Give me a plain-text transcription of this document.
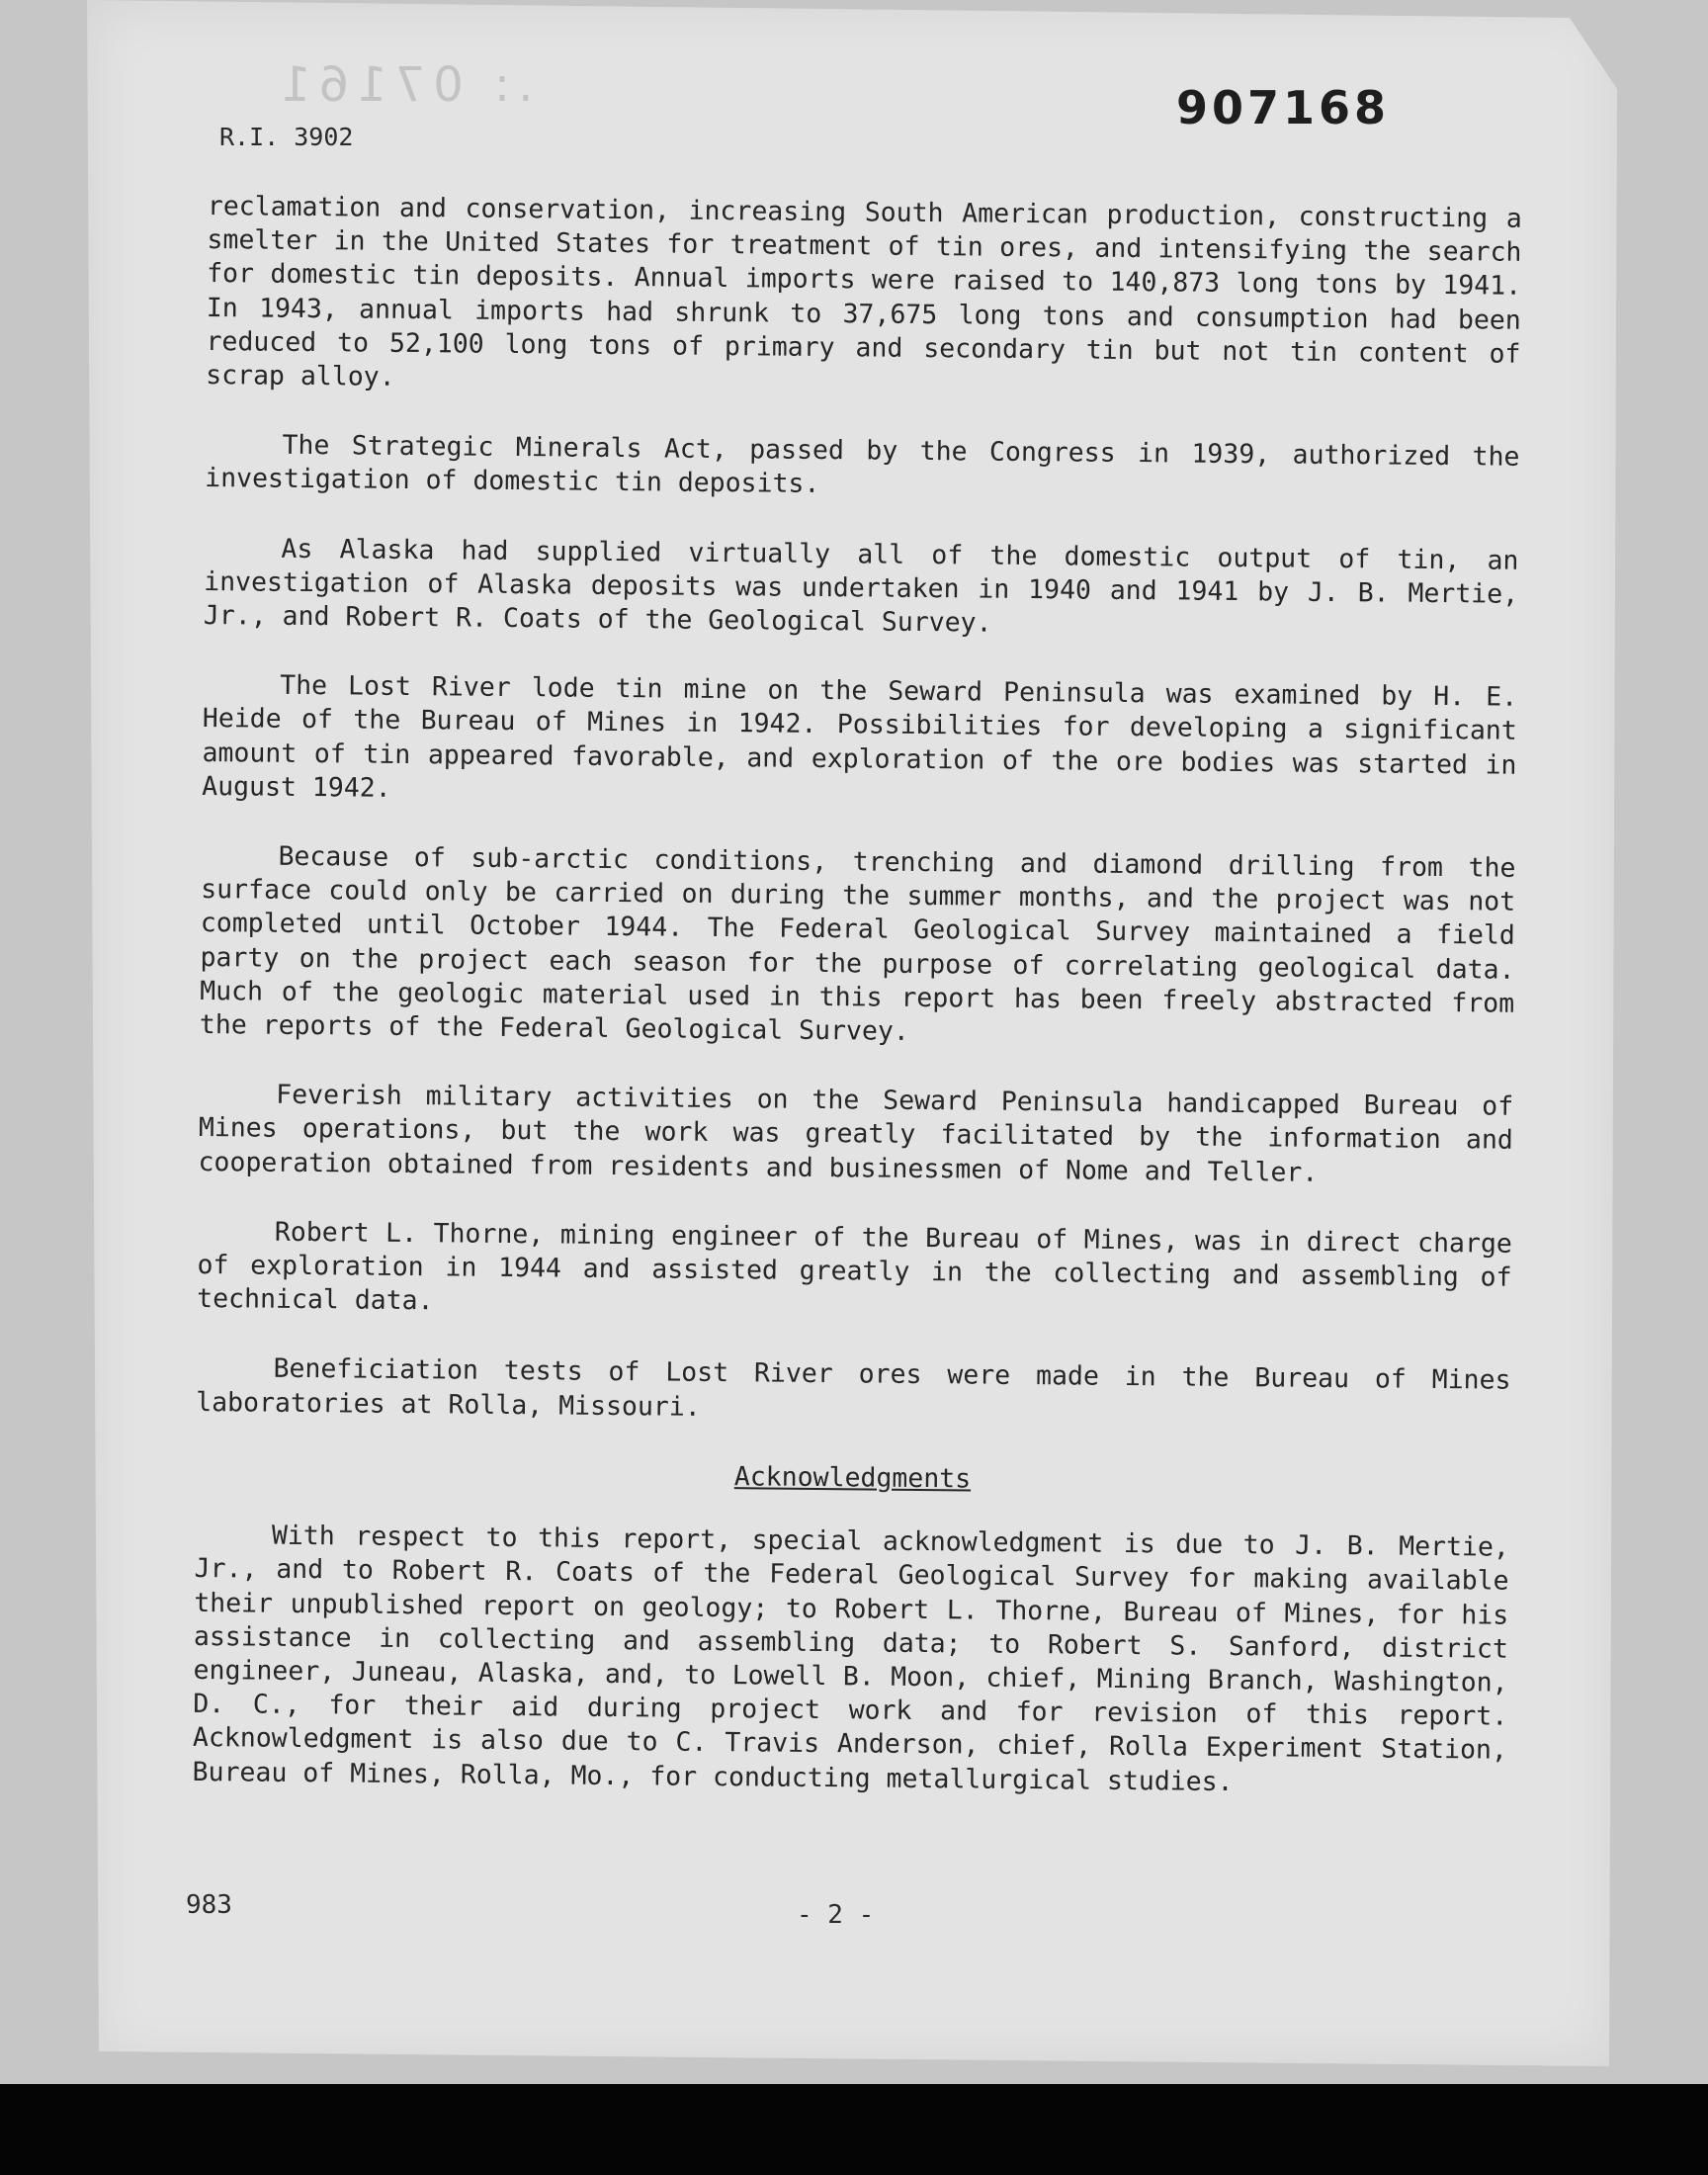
.: 07161
R.I. 3902
907168

reclamation and conservation, increasing South American production, constructing a smelter in the United States for treatment of tin ores, and intensifying the search for domestic tin deposits. Annual imports were raised to 140,873 long tons by 1941. In 1943, annual imports had shrunk to 37,675 long tons and consumption had been reduced to 52,100 long tons of primary and secondary tin but not tin content of scrap alloy.

The Strategic Minerals Act, passed by the Congress in 1939, authorized the investigation of domestic tin deposits.

As Alaska had supplied virtually all of the domestic output of tin, an investigation of Alaska deposits was undertaken in 1940 and 1941 by J. B. Mertie, Jr., and Robert R. Coats of the Geological Survey.

The Lost River lode tin mine on the Seward Peninsula was examined by H. E. Heide of the Bureau of Mines in 1942. Possibilities for developing a significant amount of tin appeared favorable, and exploration of the ore bodies was started in August 1942.

Because of sub-arctic conditions, trenching and diamond drilling from the surface could only be carried on during the summer months, and the project was not completed until October 1944. The Federal Geological Survey maintained a field party on the project each season for the purpose of correlating geological data. Much of the geologic material used in this report has been freely abstracted from the reports of the Federal Geological Survey.

Feverish military activities on the Seward Peninsula handicapped Bureau of Mines operations, but the work was greatly facilitated by the information and cooperation obtained from residents and businessmen of Nome and Teller.

Robert L. Thorne, mining engineer of the Bureau of Mines, was in direct charge of exploration in 1944 and assisted greatly in the collecting and assembling of technical data.

Beneficiation tests of Lost River ores were made in the Bureau of Mines laboratories at Rolla, Missouri.

Acknowledgments

With respect to this report, special acknowledgment is due to J. B. Mertie, Jr., and to Robert R. Coats of the Federal Geological Survey for making available their unpublished report on geology; to Robert L. Thorne, Bureau of Mines, for his assistance in collecting and assembling data; to Robert S. Sanford, district engineer, Juneau, Alaska, and, to Lowell B. Moon, chief, Mining Branch, Washington, D. C., for their aid during project work and for revision of this report. Acknowledgment is also due to C. Travis Anderson, chief, Rolla Experiment Station, Bureau of Mines, Rolla, Mo., for conducting metallurgical studies.

983	- 2 -
